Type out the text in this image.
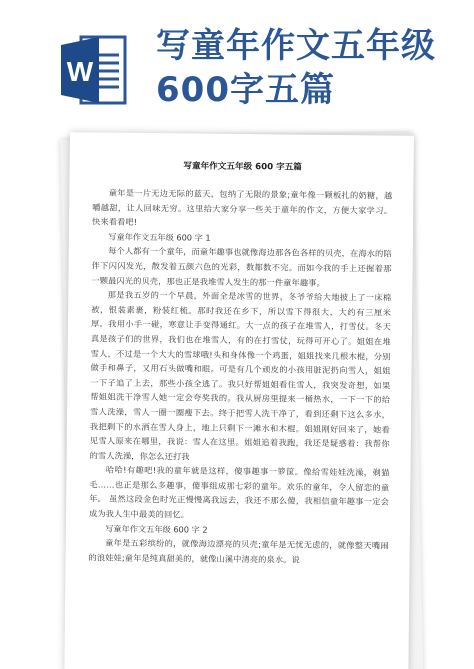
W
写童年作文五年级600字五篇
写童年作文五年级 600 字五篇

童年是一片无边无际的蓝天，包纳了无限的景象;童年像一颗板扎的奶糖，越嚼越甜，让人回味无穷。这里给大家分享一些关于童年的作文，方便大家学习。快来看看吧!

写童年作文五年级 600 字 1

每个人都有一个童年，而童年趣事也就像海边那各色各样的贝壳，在海水的陪伴下闪闪发光，散发着五颜六色的光彩，数都数不完。而如今我的手上还握着那一颗最闪光的贝壳，那也正是我堆雪人发生的那一件童年趣事。

那是我五岁的一个早晨，外面全是冰雪的世界，冬爷爷给大地披上了一床棉被，银装素裹，粉装红梳。那时我还在乡下，所以雪下得很大，大约有三厘米厚。我用小手一碰，寒意让手变得通红。大一点的孩子在堆雪人，打雪仗。冬天真是孩子们的世界，我们也在堆雪人，有的在打雪仗，玩得可开心了。姐姐在堆雪人，不过是一个大大的雪球哦!头和身体像一个鸡蛋，姐姐找来几根木棍，分别做手和鼻子，又用石头做嘴和眼。可是有几个顽皮的小孩用脏泥扔向雪人，姐姐一下子追了上去，那些小孩全逃了。我只好帮姐姐看住雪人，我突发奇想，如果帮姐姐洗干净雪人她一定会夸奖我的。我从厨房里提来一桶热水，一下一下的给雪人洗澡，雪人一圈一圈瘦下去。终于把雪人洗干净了，看到还剩下这么多水，我把剩下的水洒在雪人身上，地上只剩下一滩水和木棍。姐姐刚好回来了，她看见雪人原来在哪里，我说：雪人在这里。姐姐追着我跑，我还是疑惑着：我帮你的雪人洗澡，你怎么还打我

哈哈!有趣吧!我的童年就是这样，傻事趣事一箩筐。像给雪娃娃洗澡，剃猫毛……也正是那么多趣事，傻事组成那七彩的童年。欢乐的童年，令人留恋的童年。 虽然这段金色时光正慢慢离我远去，我还不那么傻，我相信童年趣事一定会成为我人生中最美的回忆。

写童年作文五年级 600 字 2

童年是五彩缤纷的，就像海边漂亮的贝壳;童年是无忧无虑的，就像整天嘴闹的浪娃娃;童年是纯真甜美的，就像山溪中清亮的泉水。说
